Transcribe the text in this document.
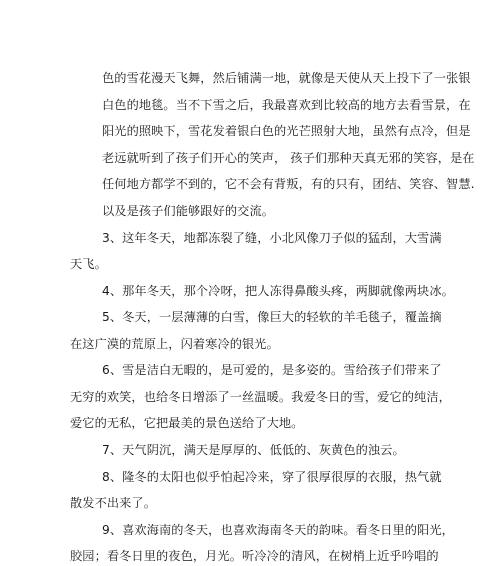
色的雪花漫天飞舞，然后铺满一地，就像是天使从天上投下了一张银
白色的地毯。当不下雪之后，我最喜欢到比较高的地方去看雪景，在
阳光的照映下，雪花发着银白色的光芒照射大地，虽然有点冷，但是
老远就听到了孩子们开心的笑声， 孩子们那种天真无邪的笑容，是在
任何地方都学不到的，它不会有背叛，有的只有，团结、笑容、智慧.
以及是孩子们能够跟好的交流。
3、这年冬天，地都冻裂了缝，小北风像刀子似的猛刮，大雪满
天飞。
4、那年冬天，那个冷呀，把人冻得鼻酸头疼，两脚就像两块冰。
5、冬天，一层薄薄的白雪，像巨大的轻软的羊毛毯子，覆盖摘
在这广漠的荒原上，闪着寒冷的银光。
6、雪是洁白无暇的，是可爱的，是多姿的。雪给孩子们带来了
无穷的欢笑，也给冬日增添了一丝温暖。我爱冬日的雪，爱它的纯洁，
爱它的无私，它把最美的景色送给了大地。
7、天气阴沉，满天是厚厚的、低低的、灰黄色的浊云。
8、隆冬的太阳也似乎怕起冷来，穿了很厚很厚的衣服，热气就
散发不出来了。
9、喜欢海南的冬天，也喜欢海南冬天的韵味。看冬日里的阳光，
胶园；看冬日里的夜色，月光。听冷冷的清风，在树梢上近乎吟唱的
